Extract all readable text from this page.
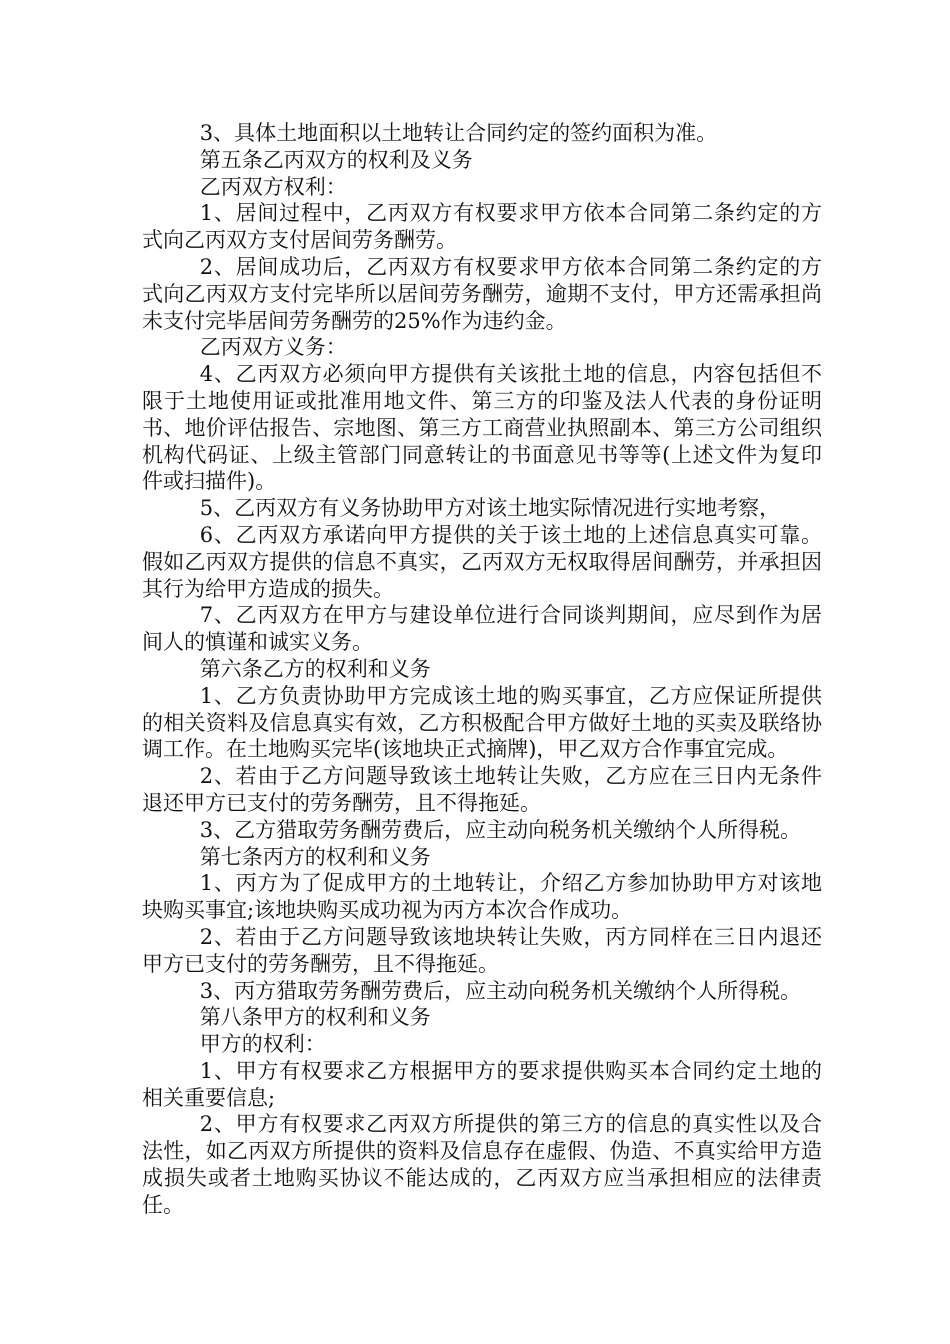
3、具体土地面积以土地转让合同约定的签约面积为准。

第五条乙丙双方的权利及义务

乙丙双方权利：

1、居间过程中，乙丙双方有权要求甲方依本合同第二条约定的方式向乙丙双方支付居间劳务酬劳。

2、居间成功后，乙丙双方有权要求甲方依本合同第二条约定的方式向乙丙双方支付完毕所以居间劳务酬劳，逾期不支付，甲方还需承担尚未支付完毕居间劳务酬劳的25%作为违约金。

乙丙双方义务：

4、乙丙双方必须向甲方提供有关该批土地的信息，内容包括但不限于土地使用证或批准用地文件、第三方的印鉴及法人代表的身份证明书、地价评估报告、宗地图、第三方工商营业执照副本、第三方公司组织机构代码证、上级主管部门同意转让的书面意见书等等(上述文件为复印件或扫描件)。

5、乙丙双方有义务协助甲方对该土地实际情况进行实地考察，

6、乙丙双方承诺向甲方提供的关于该土地的上述信息真实可靠。假如乙丙双方提供的信息不真实，乙丙双方无权取得居间酬劳，并承担因其行为给甲方造成的损失。

7、乙丙双方在甲方与建设单位进行合同谈判期间，应尽到作为居间人的慎谨和诚实义务。

第六条乙方的权利和义务

1、乙方负责协助甲方完成该土地的购买事宜，乙方应保证所提供的相关资料及信息真实有效，乙方积极配合甲方做好土地的买卖及联络协调工作。在土地购买完毕(该地块正式摘牌)，甲乙双方合作事宜完成。

2、若由于乙方问题导致该土地转让失败，乙方应在三日内无条件退还甲方已支付的劳务酬劳，且不得拖延。

3、乙方猎取劳务酬劳费后，应主动向税务机关缴纳个人所得税。

第七条丙方的权利和义务

1、丙方为了促成甲方的土地转让，介绍乙方参加协助甲方对该地块购买事宜;该地块购买成功视为丙方本次合作成功。

2、若由于乙方问题导致该地块转让失败，丙方同样在三日内退还甲方已支付的劳务酬劳，且不得拖延。

3、丙方猎取劳务酬劳费后，应主动向税务机关缴纳个人所得税。

第八条甲方的权利和义务

甲方的权利：

1、甲方有权要求乙方根据甲方的要求提供购买本合同约定土地的相关重要信息;

2、甲方有权要求乙丙双方所提供的第三方的信息的真实性以及合法性，如乙丙双方所提供的资料及信息存在虚假、伪造、不真实给甲方造成损失或者土地购买协议不能达成的，乙丙双方应当承担相应的法律责任。
